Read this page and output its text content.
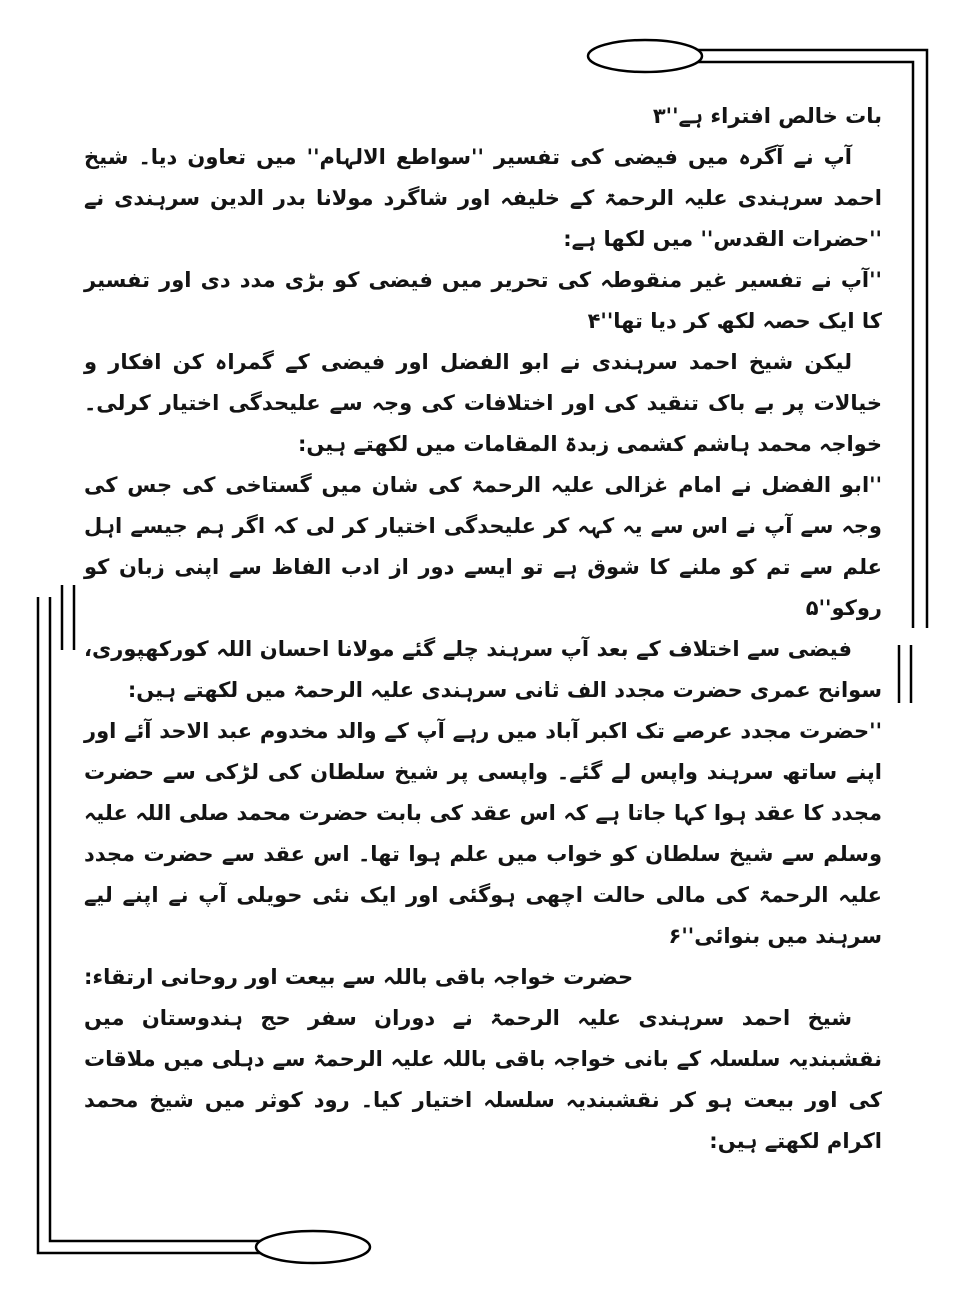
بات خالص افتراء ہے''۳

آپ نے آگرہ میں فیضی کی تفسیر ''سواطع الالہام'' میں تعاون دیا۔ شیخ احمد سرہندی علیہ الرحمۃ کے خلیفہ اور شاگرد مولانا بدر الدین سرہندی نے ''حضرات القدس'' میں لکھا ہے:

''آپ نے تفسیر غیر منقوطہ کی تحریر میں فیضی کو بڑی مدد دی اور تفسیر کا ایک حصہ لکھ کر دیا تھا''۴

لیکن شیخ احمد سرہندی نے ابو الفضل اور فیضی کے گمراہ کن افکار و خیالات پر بے باک تنقید کی اور اختلافات کی وجہ سے علیحدگی اختیار کرلی۔ خواجہ محمد ہاشم کشمی زبدۃ المقامات میں لکھتے ہیں:

''ابو الفضل نے امام غزالی علیہ الرحمۃ کی شان میں گستاخی کی جس کی وجہ سے آپ نے اس سے یہ کہہ کر علیحدگی اختیار کر لی کہ اگر ہم جیسے اہل علم سے تم کو ملنے کا شوق ہے تو ایسے دور از ادب الفاظ سے اپنی زبان کو روکو''۵

فیضی سے اختلاف کے بعد آپ سرہند چلے گئے مولانا احسان اللہ کورکھپوری، سوانح عمری حضرت مجدد الف ثانی سرہندی علیہ الرحمۃ میں لکھتے ہیں:

''حضرت مجدد عرصے تک اکبر آباد میں رہے آپ کے والد مخدوم عبد الاحد آئے اور اپنے ساتھ سرہند واپس لے گئے۔ واپسی پر شیخ سلطان کی لڑکی سے حضرت مجدد کا عقد ہوا کہا جاتا ہے کہ اس عقد کی بابت حضرت محمد صلی اللہ علیہ وسلم سے شیخ سلطان کو خواب میں علم ہوا تھا۔ اس عقد سے حضرت مجدد علیہ الرحمۃ کی مالی حالت اچھی ہوگئی اور ایک نئی حویلی آپ نے اپنے لیے سرہند میں بنوائی''۶

حضرت خواجہ باقی باللہ سے بیعت اور روحانی ارتقاء:

شیخ احمد سرہندی علیہ الرحمۃ نے دوران سفر حج ہندوستان میں نقشبندیہ سلسلہ کے بانی خواجہ باقی باللہ علیہ الرحمۃ سے دہلی میں ملاقات کی اور بیعت ہو کر نقشبندیہ سلسلہ اختیار کیا۔ رود کوثر میں شیخ محمد اکرام لکھتے ہیں:
